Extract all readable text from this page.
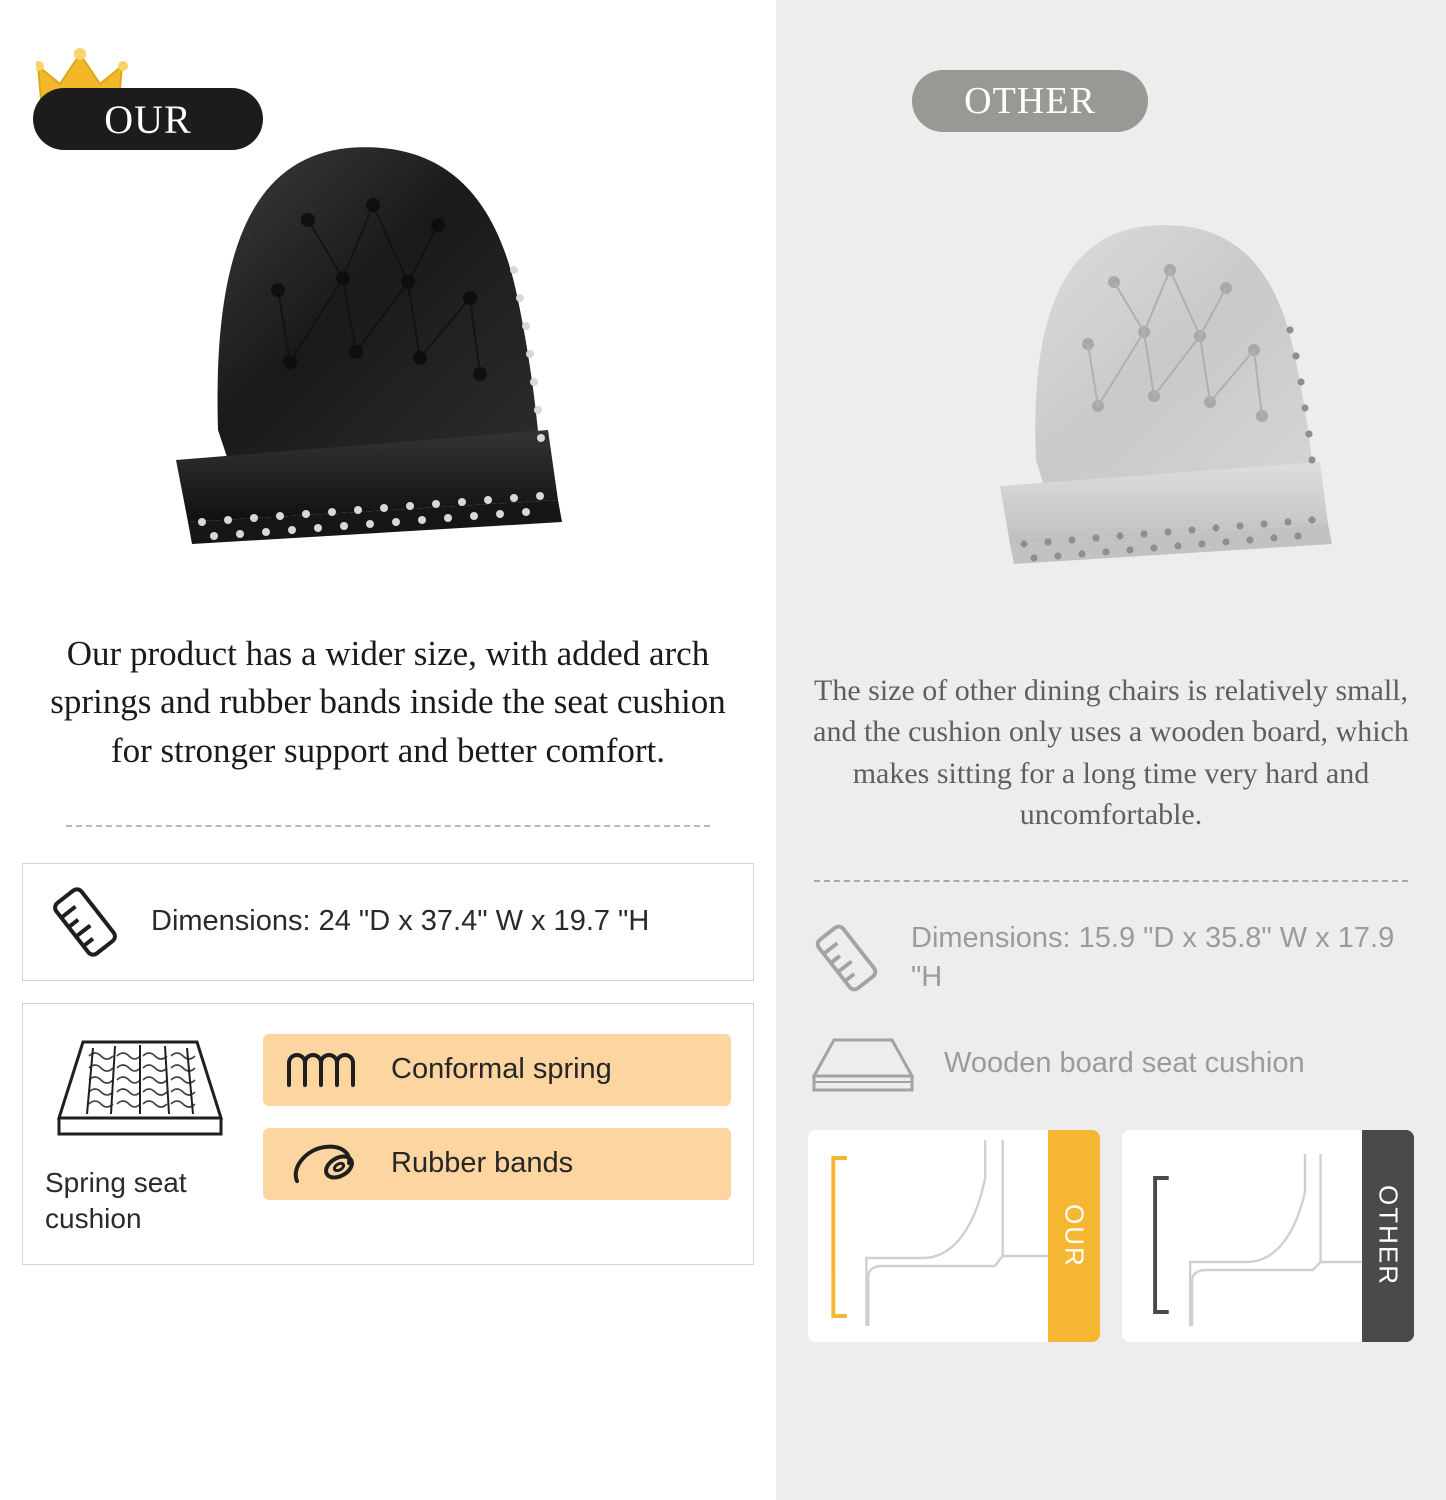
OUR
Our product has a wider size, with added arch springs and rubber bands inside the seat cushion for stronger support and better comfort.
Dimensions: 24 "D x 37.4" W x 19.7 "H
Spring seat cushion
Conformal spring
Rubber bands
OTHER
The size of other dining chairs is relatively small, and the cushion only uses a wooden board, which makes sitting for a long time very hard and uncomfortable.
Dimensions: 15.9 "D x 35.8" W x 17.9 "H
Wooden board seat cushion
OUR	OTHER
